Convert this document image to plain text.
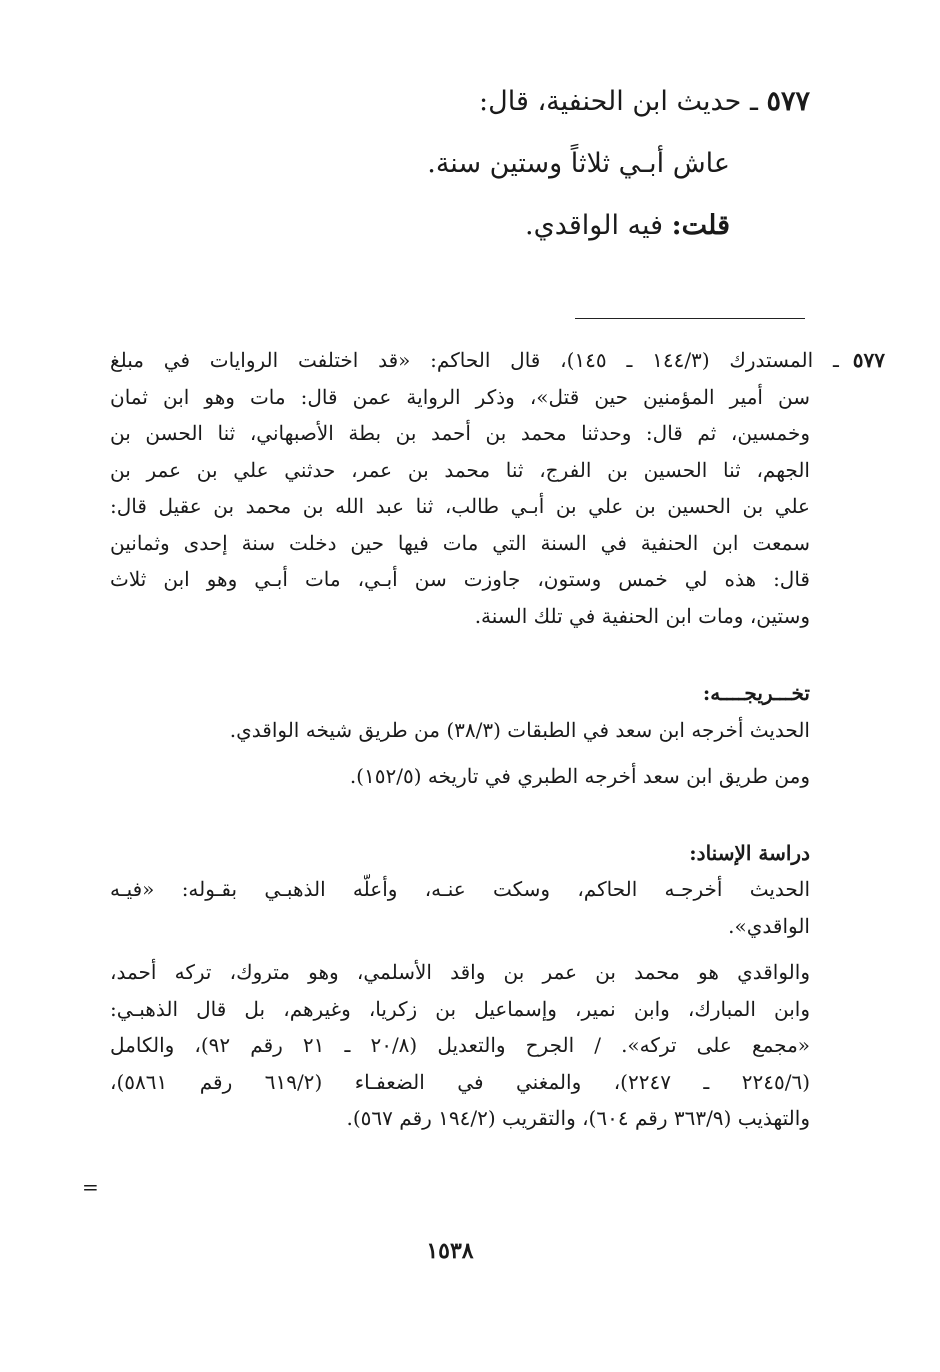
٥٧٧ ـ حديث ابن الحنفية، قال:
عاش أبـي ثلاثاً وستين سنة.
قلت: فيه الواقدي.
٥٧٧ـ المستدرك (١٤٤/٣ ـ ١٤٥)، قال الحاكم: «قد اختلفت الروايات في مبلغ
سن أمير المؤمنين حين قتل»، وذكر الرواية عمن قال: مات وهو ابن ثمان
وخمسين، ثم قال: وحدثنا محمد بن أحمد بن بطة الأصبهاني، ثنا الحسن بن
الجهم، ثنا الحسين بن الفرج، ثنا محمد بن عمر، حدثني علي بن عمر بن
علي بن الحسين بن علي بن أبـي طالب، ثنا عبد الله بن محمد بن عقيل قال:
سمعت ابن الحنفية في السنة التي مات فيها حين دخلت سنة إحدى وثمانين
قال: هذه لي خمس وستون، جاوزت سن أبـي، مات أبـي وهو ابن ثلاث
وستين، ومات ابن الحنفية في تلك السنة.
تخـــريجــــه:
الحديث أخرجه ابن سعد في الطبقات (٣٨/٣) من طريق شيخه الواقدي.
ومن طريق ابن سعد أخرجه الطبري في تاريخه (١٥٢/٥).
دراسة الإسناد:
الحديث أخرجـه الحاكم، وسكت عنـه، وأعلّه الذهبـي بقـوله: «فيـه
الواقدي».
والواقدي هو محمد بن عمر بن واقد الأسلمي، وهو متروك، تركه أحمد،
وابن المبارك، وابن نمير، وإسماعيل بن زكريا، وغيرهم، بل قال الذهبـي:
«مجمع على تركه». / الجرح والتعديل (٢٠/٨ ـ ٢١ رقم ٩٢)، والكامل
(٢٢٤٥/٦ ـ ٢٢٤٧)، والمغني في الضعفـاء (٦١٩/٢ رقم ٥٨٦١)،
والتهذيب (٣٦٣/٩ رقم ٦٠٤)، والتقريب (١٩٤/٢ رقم ٥٦٧).
=
١٥٣٨
